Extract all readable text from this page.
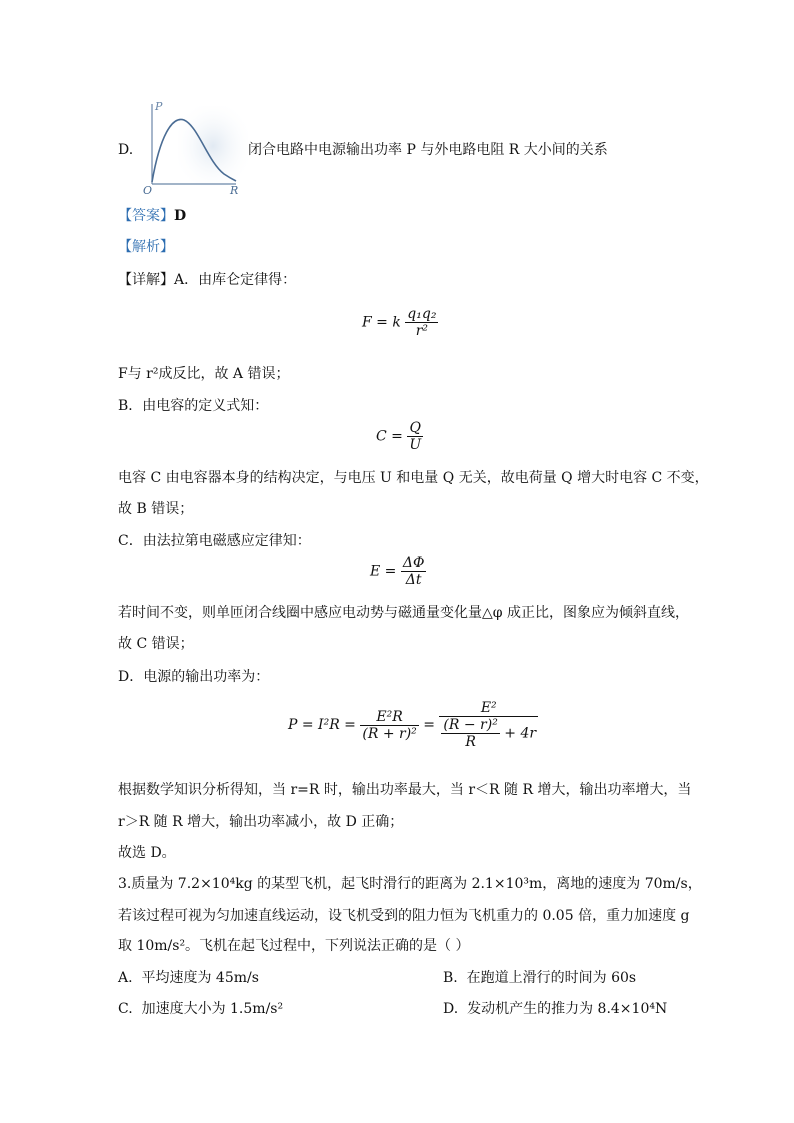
D.
P
R
O
闭合电路中电源输出功率 P 与外电路电阻 R 大小间的关系
【答案】D
【解析】
【详解】A．由库仑定律得：
F = k $\frac{\text{q₁q₂}}{\text{r²}}$
F与 r²成反比，故 A 错误；
B．由电容的定义式知：
$C = \frac{Q}{U}$
电容 C 由电容器本身的结构决定，与电压 U 和电量 Q 无关，故电荷量 Q 增大时电容 C 不变，
故 B 错误；
C．由法拉第电磁感应定律知：
$E = \frac{\Delta\Phi}{\Delta t}$
若时间不变，则单匝闭合线圈中感应电动势与磁通量变化量△φ 成正比，图象应为倾斜直线，
故 C 错误；
D．电源的输出功率为：
$P = I^2R = \frac{\text{E²R}}{\text{(R + r)²}} = \frac{\text{E²}}{\frac{\text{(R − r)²}}{R} + 4r}$
根据数学知识分析得知，当 r=R 时，输出功率最大，当 r＜R 随 R 增大，输出功率增大，当
r＞R 随 R 增大，输出功率减小，故 D 正确；
故选 D。
3.质量为 7.2×10⁴kg 的某型飞机，起飞时滑行的距离为 2.1×10³m，离地的速度为 70m/s，
若该过程可视为匀加速直线运动，设飞机受到的阻力恒为飞机重力的 0.05 倍，重力加速度 g
取 10m/s²。飞机在起飞过程中，下列说法正确的是（ ）
A. 平均速度为 45m/s	B. 在跑道上滑行的时间为 60s
C. 加速度大小为 1.5m/s²	D. 发动机产生的推力为 8.4×10⁴N
